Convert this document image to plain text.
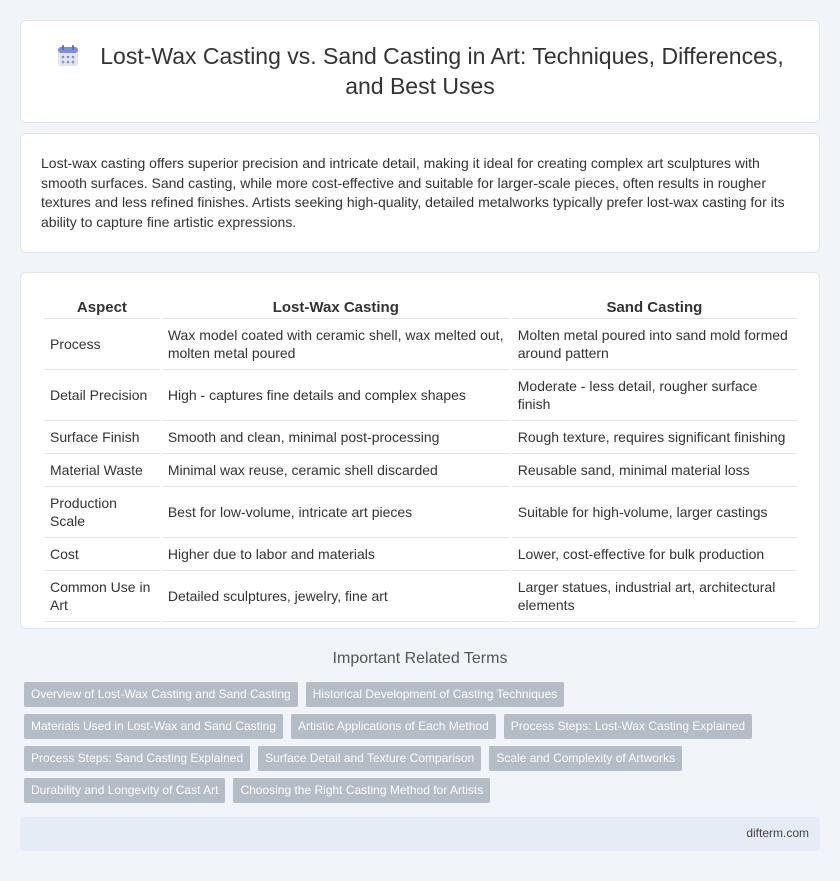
Lost-Wax Casting vs. Sand Casting in Art: Techniques, Differences,
and Best Uses

Lost-wax casting offers superior precision and intricate detail, making it ideal for creating complex art sculptures with smooth surfaces. Sand casting, while more cost-effective and suitable for larger-scale pieces, often results in rougher textures and less refined finishes. Artists seeking high-quality, detailed metalworks typically prefer lost-wax casting for its ability to capture fine artistic expressions.

Aspect	Lost-Wax Casting	Sand Casting
Process	Wax model coated with ceramic shell, wax melted out, molten metal poured	Molten metal poured into sand mold formed around pattern
Detail Precision	High - captures fine details and complex shapes	Moderate - less detail, rougher surface finish
Surface Finish	Smooth and clean, minimal post-processing	Rough texture, requires significant finishing
Material Waste	Minimal wax reuse, ceramic shell discarded	Reusable sand, minimal material loss
Production Scale	Best for low-volume, intricate art pieces	Suitable for high-volume, larger castings
Cost	Higher due to labor and materials	Lower, cost-effective for bulk production
Common Use in Art	Detailed sculptures, jewelry, fine art	Larger statues, industrial art, architectural elements
Important Related Terms
Overview of Lost-Wax Casting and Sand Casting Historical Development of Casting Techniques
Materials Used in Lost-Wax and Sand Casting Artistic Applications of Each Method Process Steps: Lost-Wax Casting Explained
Process Steps: Sand Casting Explained Surface Detail and Texture Comparison Scale and Complexity of Artworks
Durability and Longevity of Cast Art Choosing the Right Casting Method for Artists
difterm.com
